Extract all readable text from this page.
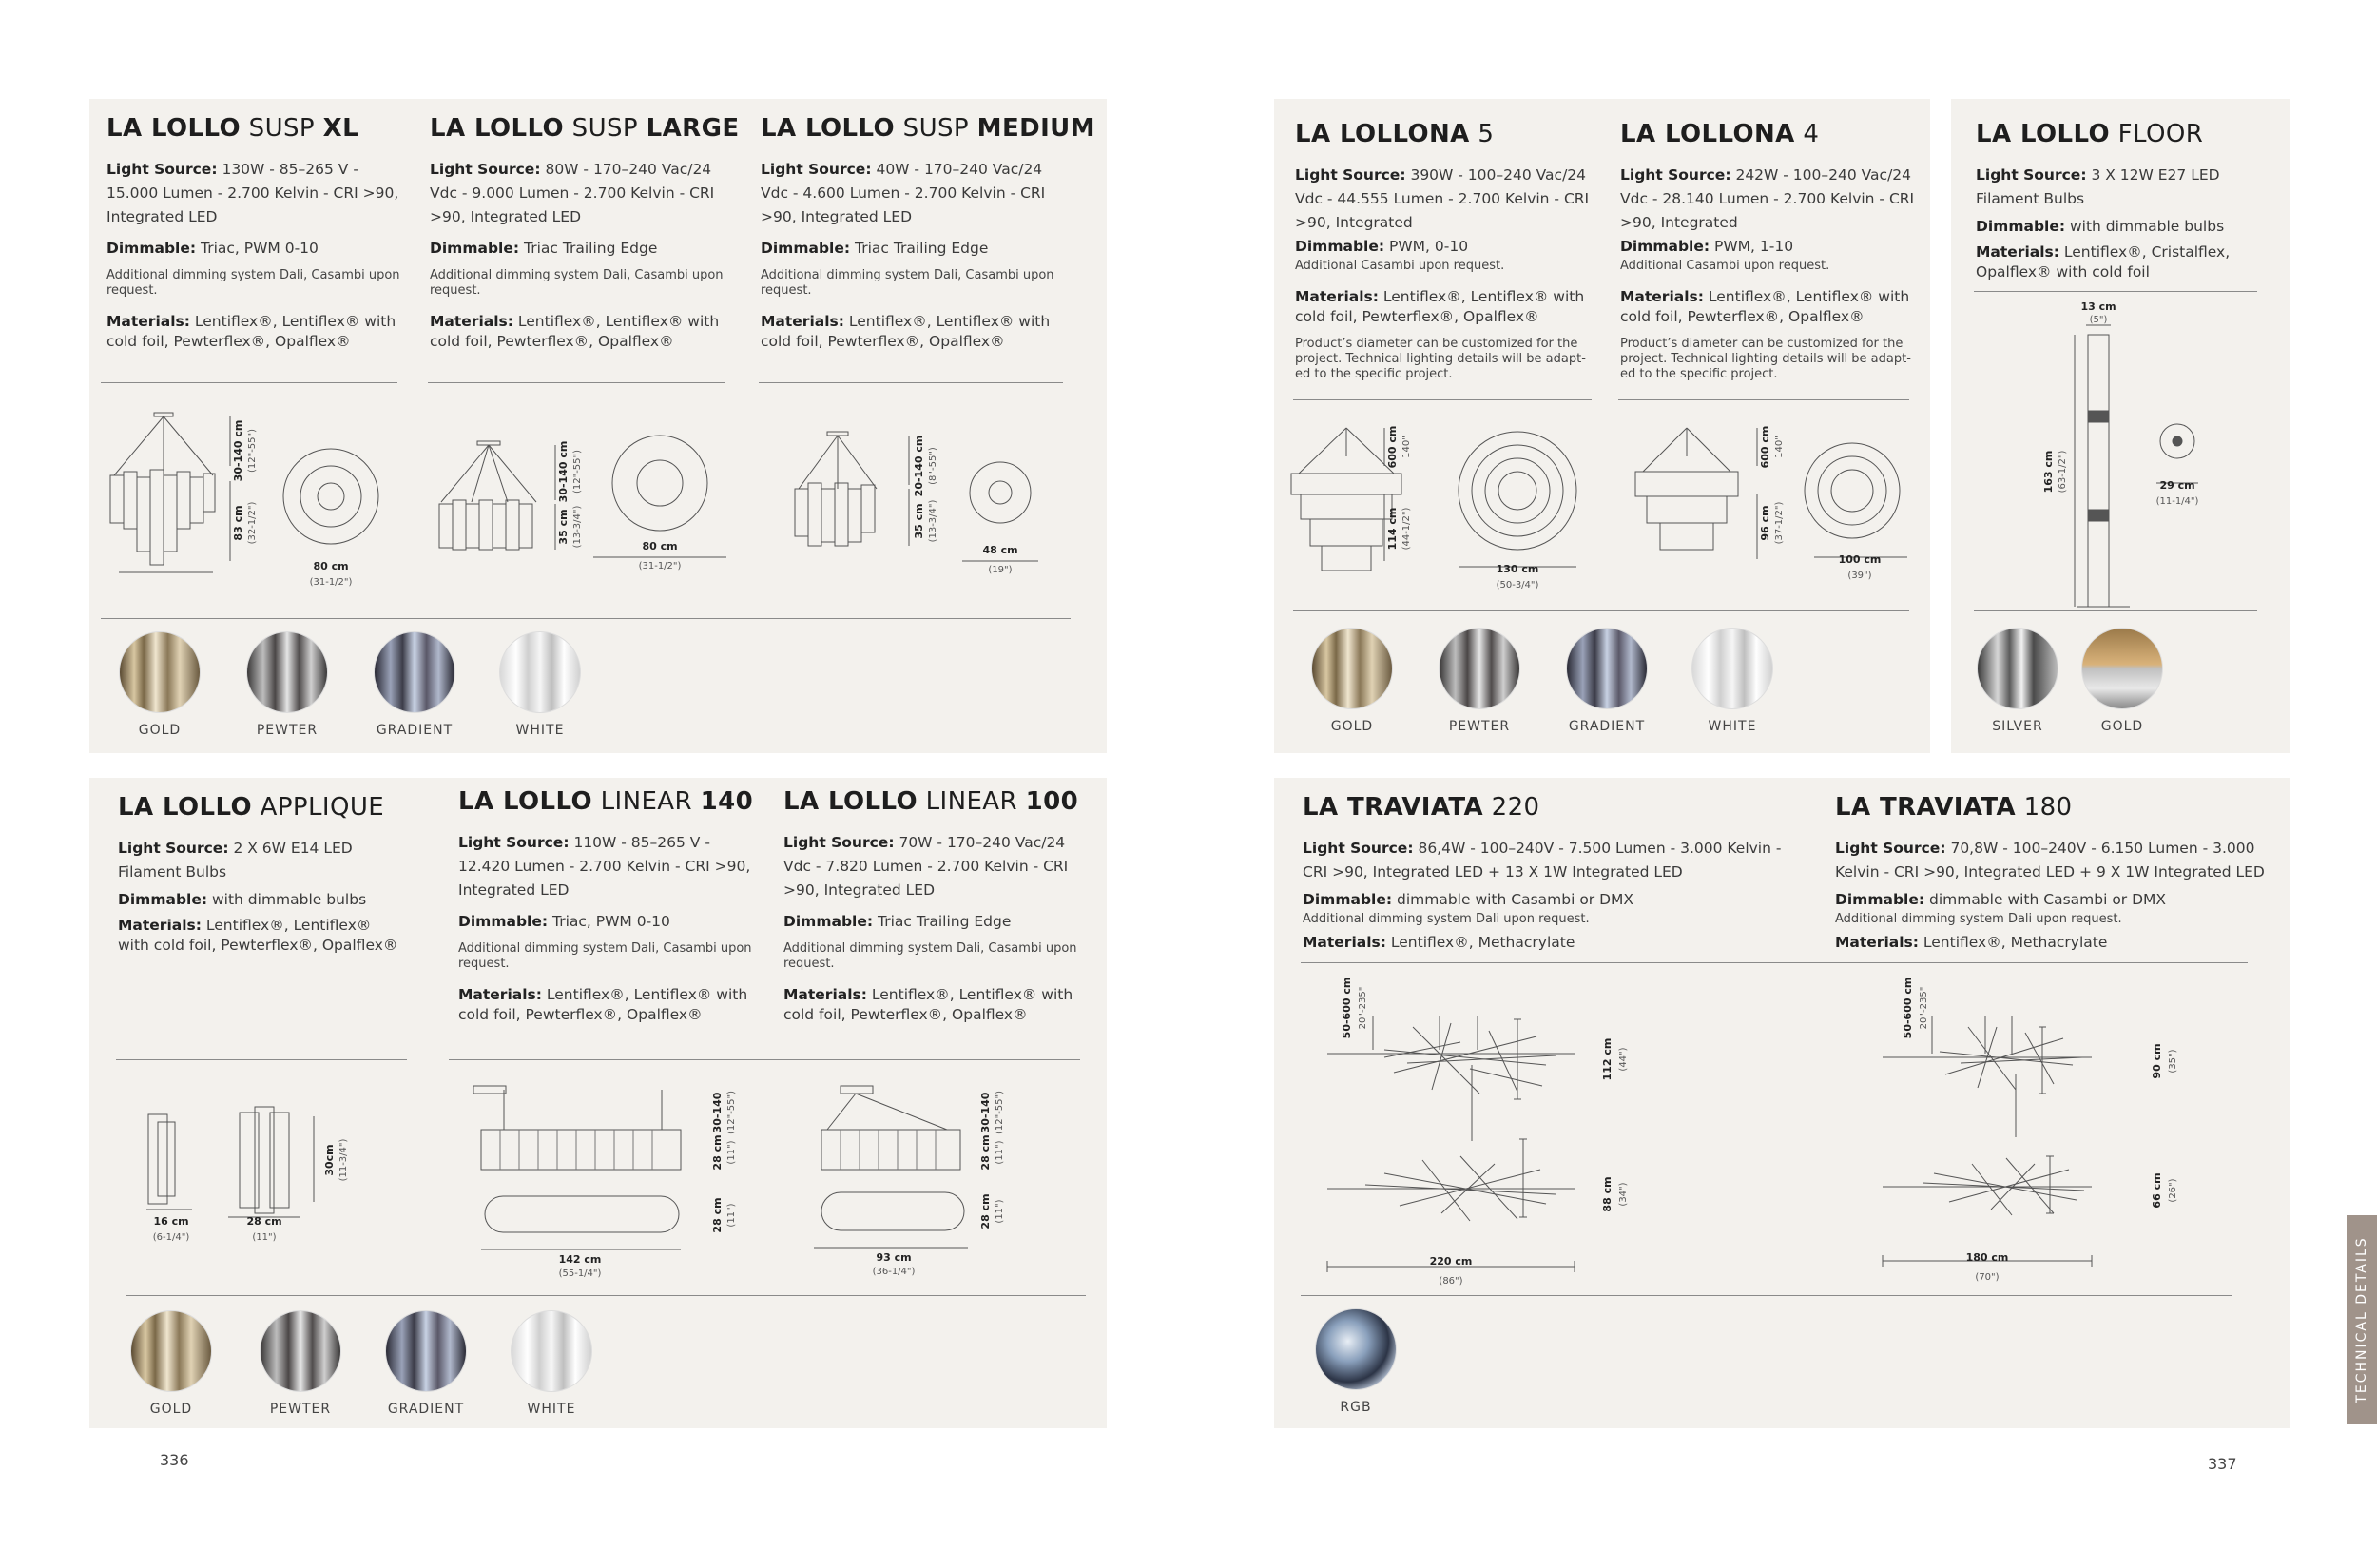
LA LOLLO SUSP XL

Light Source: 130W - 85–265 V - 15.000 Lumen - 2.700 Kelvin - CRI >90, Integrated LED

Dimmable: Triac, PWM 0-10

Additional dimming system Dali, Casambi upon request.

Materials: Lentiflex®, Lentiflex® with cold foil, Pewterflex®, Opalflex®

LA LOLLO SUSP LARGE

Light Source: 80W - 170–240 Vac/24 Vdc - 9.000 Lumen - 2.700 Kelvin - CRI >90, Integrated LED

Dimmable: Triac Trailing Edge

Additional dimming system Dali, Casambi upon request.

Materials: Lentiflex®, Lentiflex® with cold foil, Pewterflex®, Opalflex®

LA LOLLO SUSP MEDIUM

Light Source: 40W - 170–240 Vac/24 Vdc - 4.600 Lumen - 2.700 Kelvin - CRI >90, Integrated LED

Dimmable: Triac Trailing Edge

Additional dimming system Dali, Casambi upon request.

Materials: Lentiflex®, Lentiflex® with cold foil, Pewterflex®, Opalflex®

30-140 cm (12"-55")
83 cm (32-1/2")
80 cm
(31-1/2")
30-140 cm (12"-55")
35 cm (13-3/4")	80 cm
(31-1/2")
20-140 cm (8"-55")
35 cm (13-3/4")
48 cm
(19")
GOLD	PEWTER	GRADIENT	WHITE
LA LOLLONA 5

Light Source: 390W - 100–240 Vac/24 Vdc - 44.555 Lumen - 2.700 Kelvin - CRI >90, Integrated

Dimmable: PWM, 0-10

Additional Casambi upon request.

Materials: Lentiflex®, Lentiflex® with cold foil, Pewterflex®, Opalflex®

Product’s diameter can be customized for the project. Technical lighting details will be adapt-ed to the specific project.

LA LOLLONA 4

Light Source: 242W - 100–240 Vac/24 Vdc - 28.140 Lumen - 2.700 Kelvin - CRI >90, Integrated

Dimmable: PWM, 1-10

Additional Casambi upon request.

Materials: Lentiflex®, Lentiflex® with cold foil, Pewterflex®, Opalflex®

Product’s diameter can be customized for the project. Technical lighting details will be adapt-ed to the specific project.

600 cm 140"
114 cm (44-1/2")
130 cm
(50-3/4")
600 cm 140"
96 cm (37-1/2")
100 cm
(39")
GOLD	PEWTER	GRADIENT	WHITE
LA LOLLO FLOOR

Light Source: 3 X 12W E27 LED Filament Bulbs

Dimmable: with dimmable bulbs

Materials: Lentiflex®, Cristalflex, Opalflex® with cold foil

13 cm
(5")
163 cm (63-1/2")	29 cm
(11-1/4")
SILVER	GOLD
LA LOLLO APPLIQUE

Light Source: 2 X 6W E14 LED Filament Bulbs

Dimmable: with dimmable bulbs

Materials: Lentiflex®, Lentiflex® with cold foil, Pewterflex®, Opalflex®

LA LOLLO LINEAR 140

Light Source: 110W - 85–265 V - 12.420 Lumen - 2.700 Kelvin - CRI >90, Integrated LED

Dimmable: Triac, PWM 0-10

Additional dimming system Dali, Casambi upon request.

Materials: Lentiflex®, Lentiflex® with cold foil, Pewterflex®, Opalflex®

LA LOLLO LINEAR 100

Light Source: 70W - 170–240 Vac/24 Vdc - 7.820 Lumen - 2.700 Kelvin - CRI >90, Integrated LED

Dimmable: Triac Trailing Edge

Additional dimming system Dali, Casambi upon request.

Materials: Lentiflex®, Lentiflex® with cold foil, Pewterflex®, Opalflex®

16 cm
(6-1/4")
28 cm
(11")
30cm (11-3/4")
30-140 (12"-55")
28 cm (11")
28 cm (11")
142 cm
(55-1/4")
30-140 (12"-55")
28 cm (11")
28 cm (11")
93 cm
(36-1/4")
GOLD	PEWTER	GRADIENT	WHITE
LA TRAVIATA 220

Light Source: 86,4W - 100–240V - 7.500 Lumen - 3.000 Kelvin - CRI >90, Integrated LED + 13 X 1W Integrated LED

Dimmable: dimmable with Casambi or DMX

Additional dimming system Dali upon request.

Materials: Lentiflex®, Methacrylate

LA TRAVIATA 180

Light Source: 70,8W - 100–240V - 6.150 Lumen - 3.000 Kelvin - CRI >90, Integrated LED + 9 X 1W Integrated LED

Dimmable: dimmable with Casambi or DMX

Additional dimming system Dali upon request.

Materials: Lentiflex®, Methacrylate

50-600 cm 20"-235"
112 cm (44")
88 cm (34")
220 cm
(86")
50-600 cm 20"-235"
90 cm (35")
66 cm (26")
180 cm
(70")
RGB
336	337
TECHNICAL DETAILS
